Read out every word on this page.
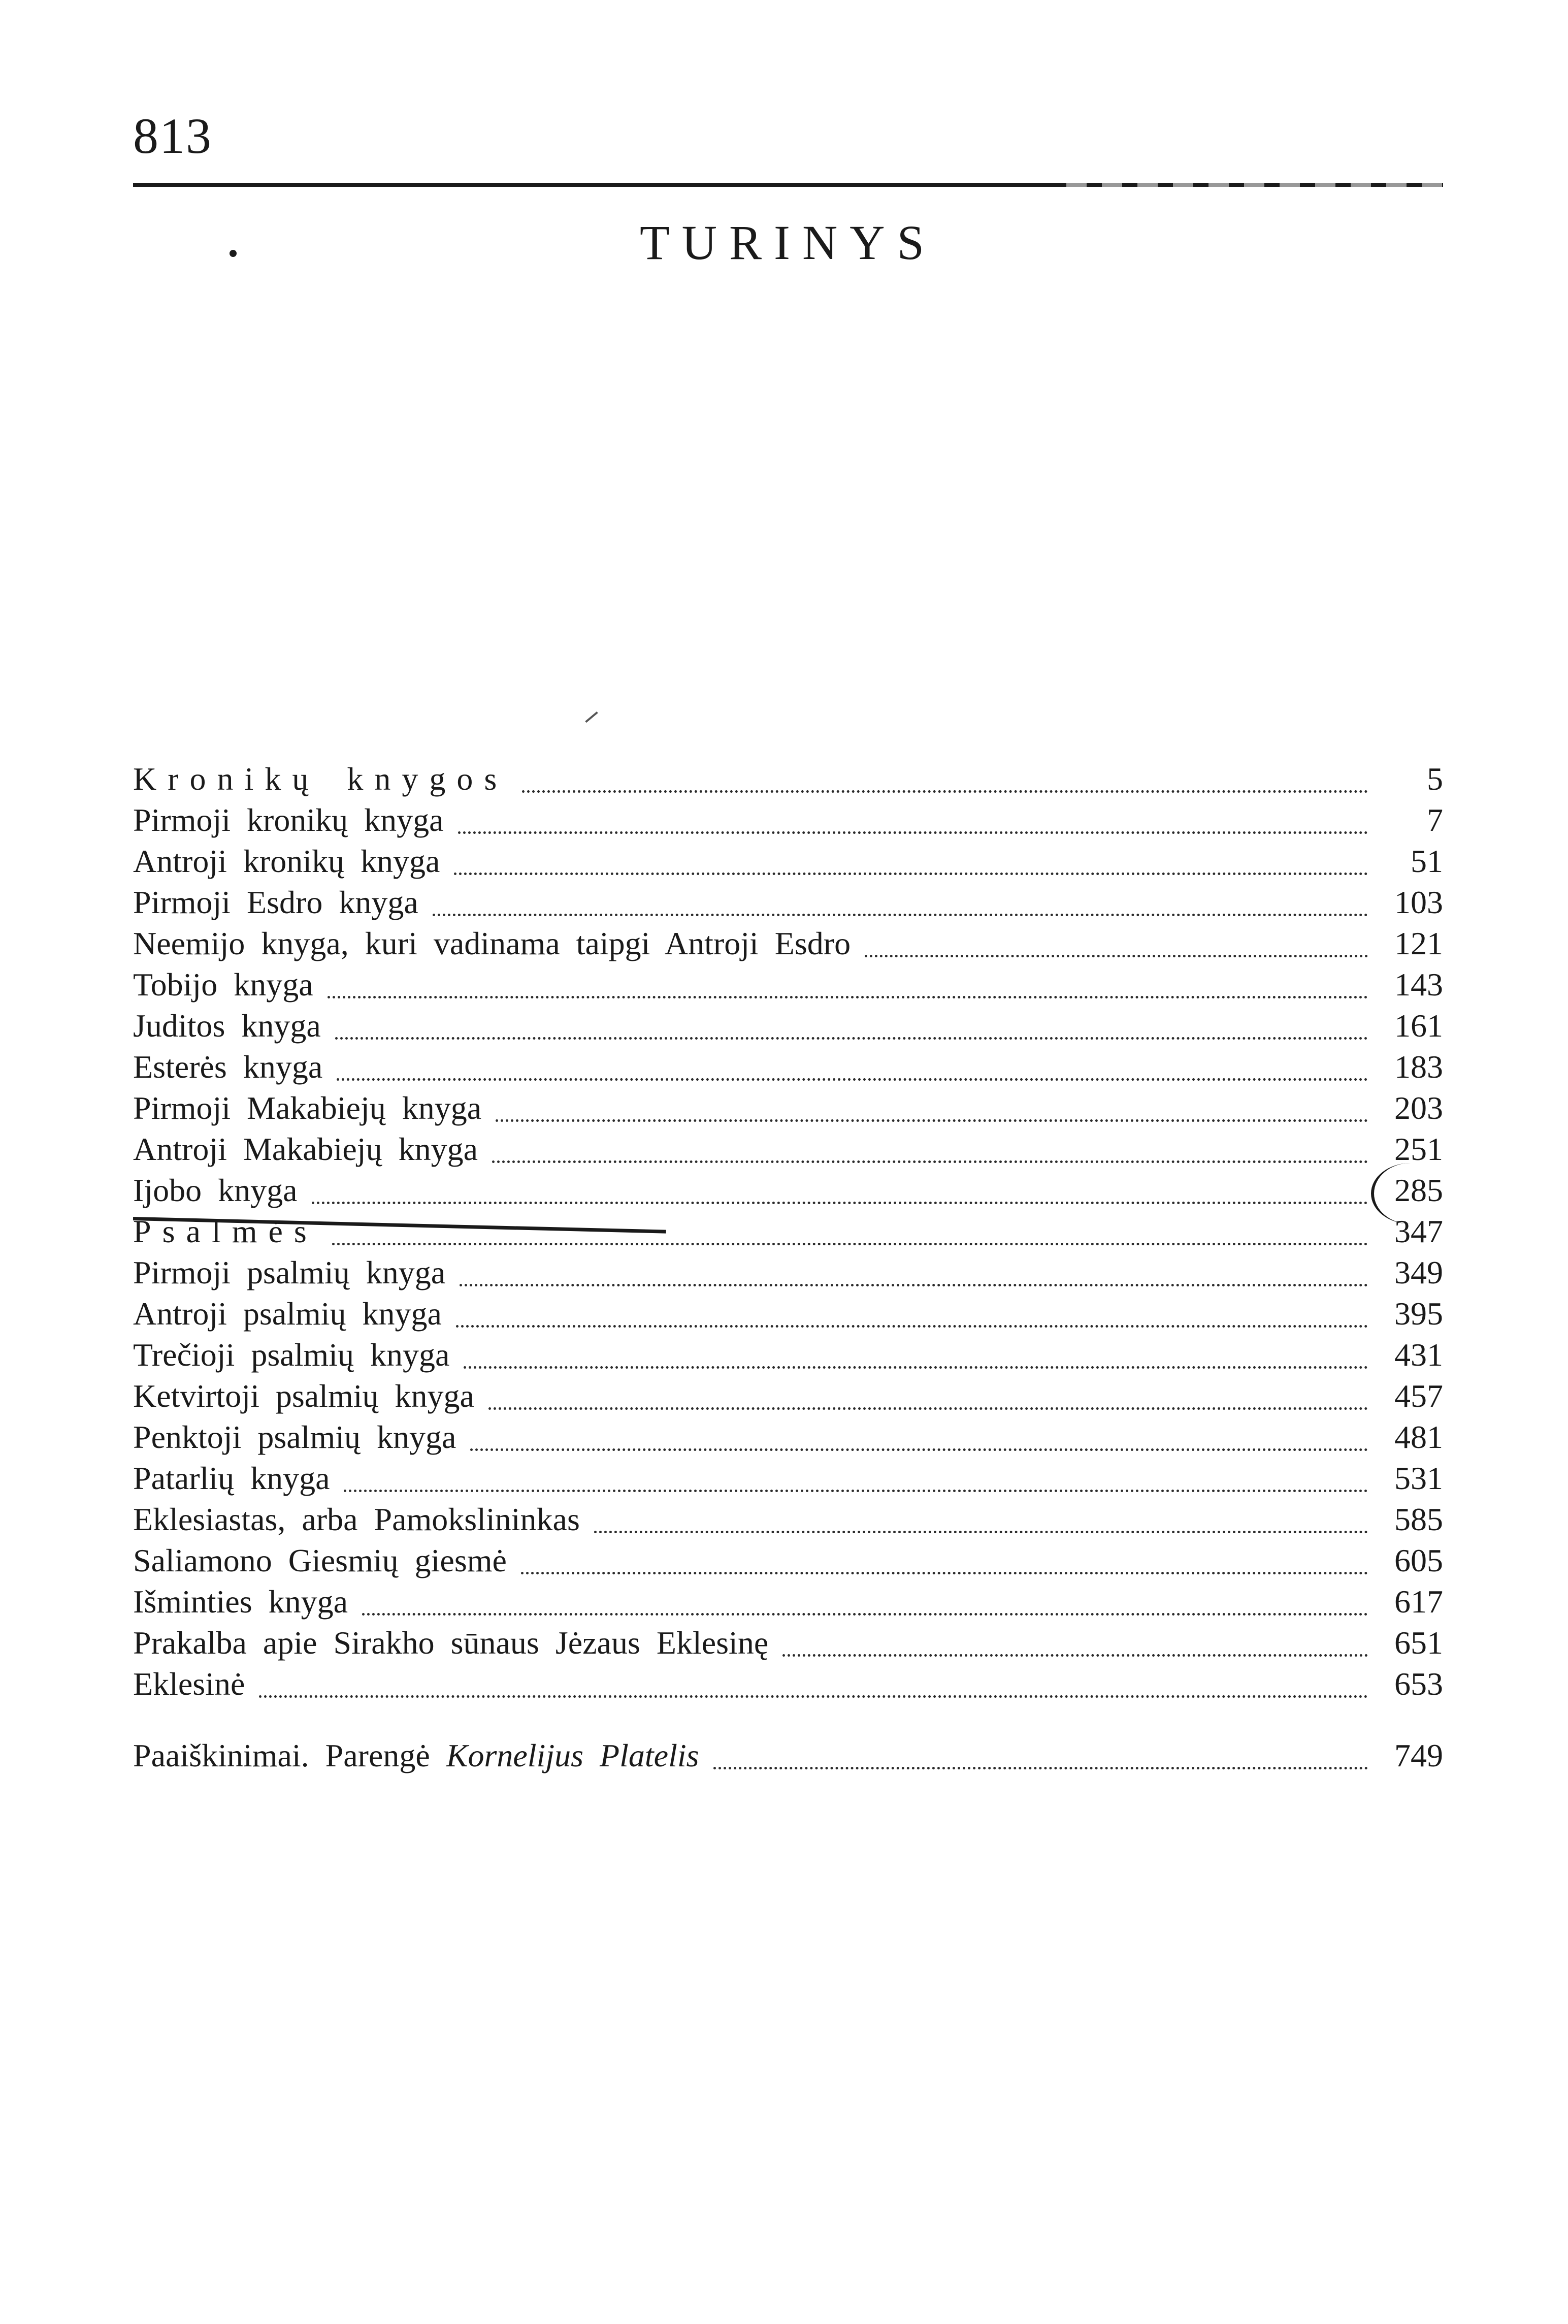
813
TURINYS
Kronikų knygos	5
Pirmoji kronikų knyga	7
Antroji kronikų knyga	51
Pirmoji Esdro knyga	103
Neemijo knyga, kuri vadinama taipgi Antroji Esdro	121
Tobijo knyga	143
Juditos knyga	161
Esterės knyga	183
Pirmoji Makabiejų knyga	203
Antroji Makabiejų knyga	251
Ijobo knyga	285
Psalmės	347
Pirmoji psalmių knyga	349
Antroji psalmių knyga	395
Trečioji psalmių knyga	431
Ketvirtoji psalmių knyga	457
Penktoji psalmių knyga	481
Patarlių knyga	531
Eklesiastas, arba Pamokslininkas	585
Saliamono Giesmių giesmė	605
Išminties knyga	617
Prakalba apie Sirakho sūnaus Jėzaus Eklesinę	651
Eklesinė	653
Paaiškinimai. Parengė Kornelijus Platelis	749
